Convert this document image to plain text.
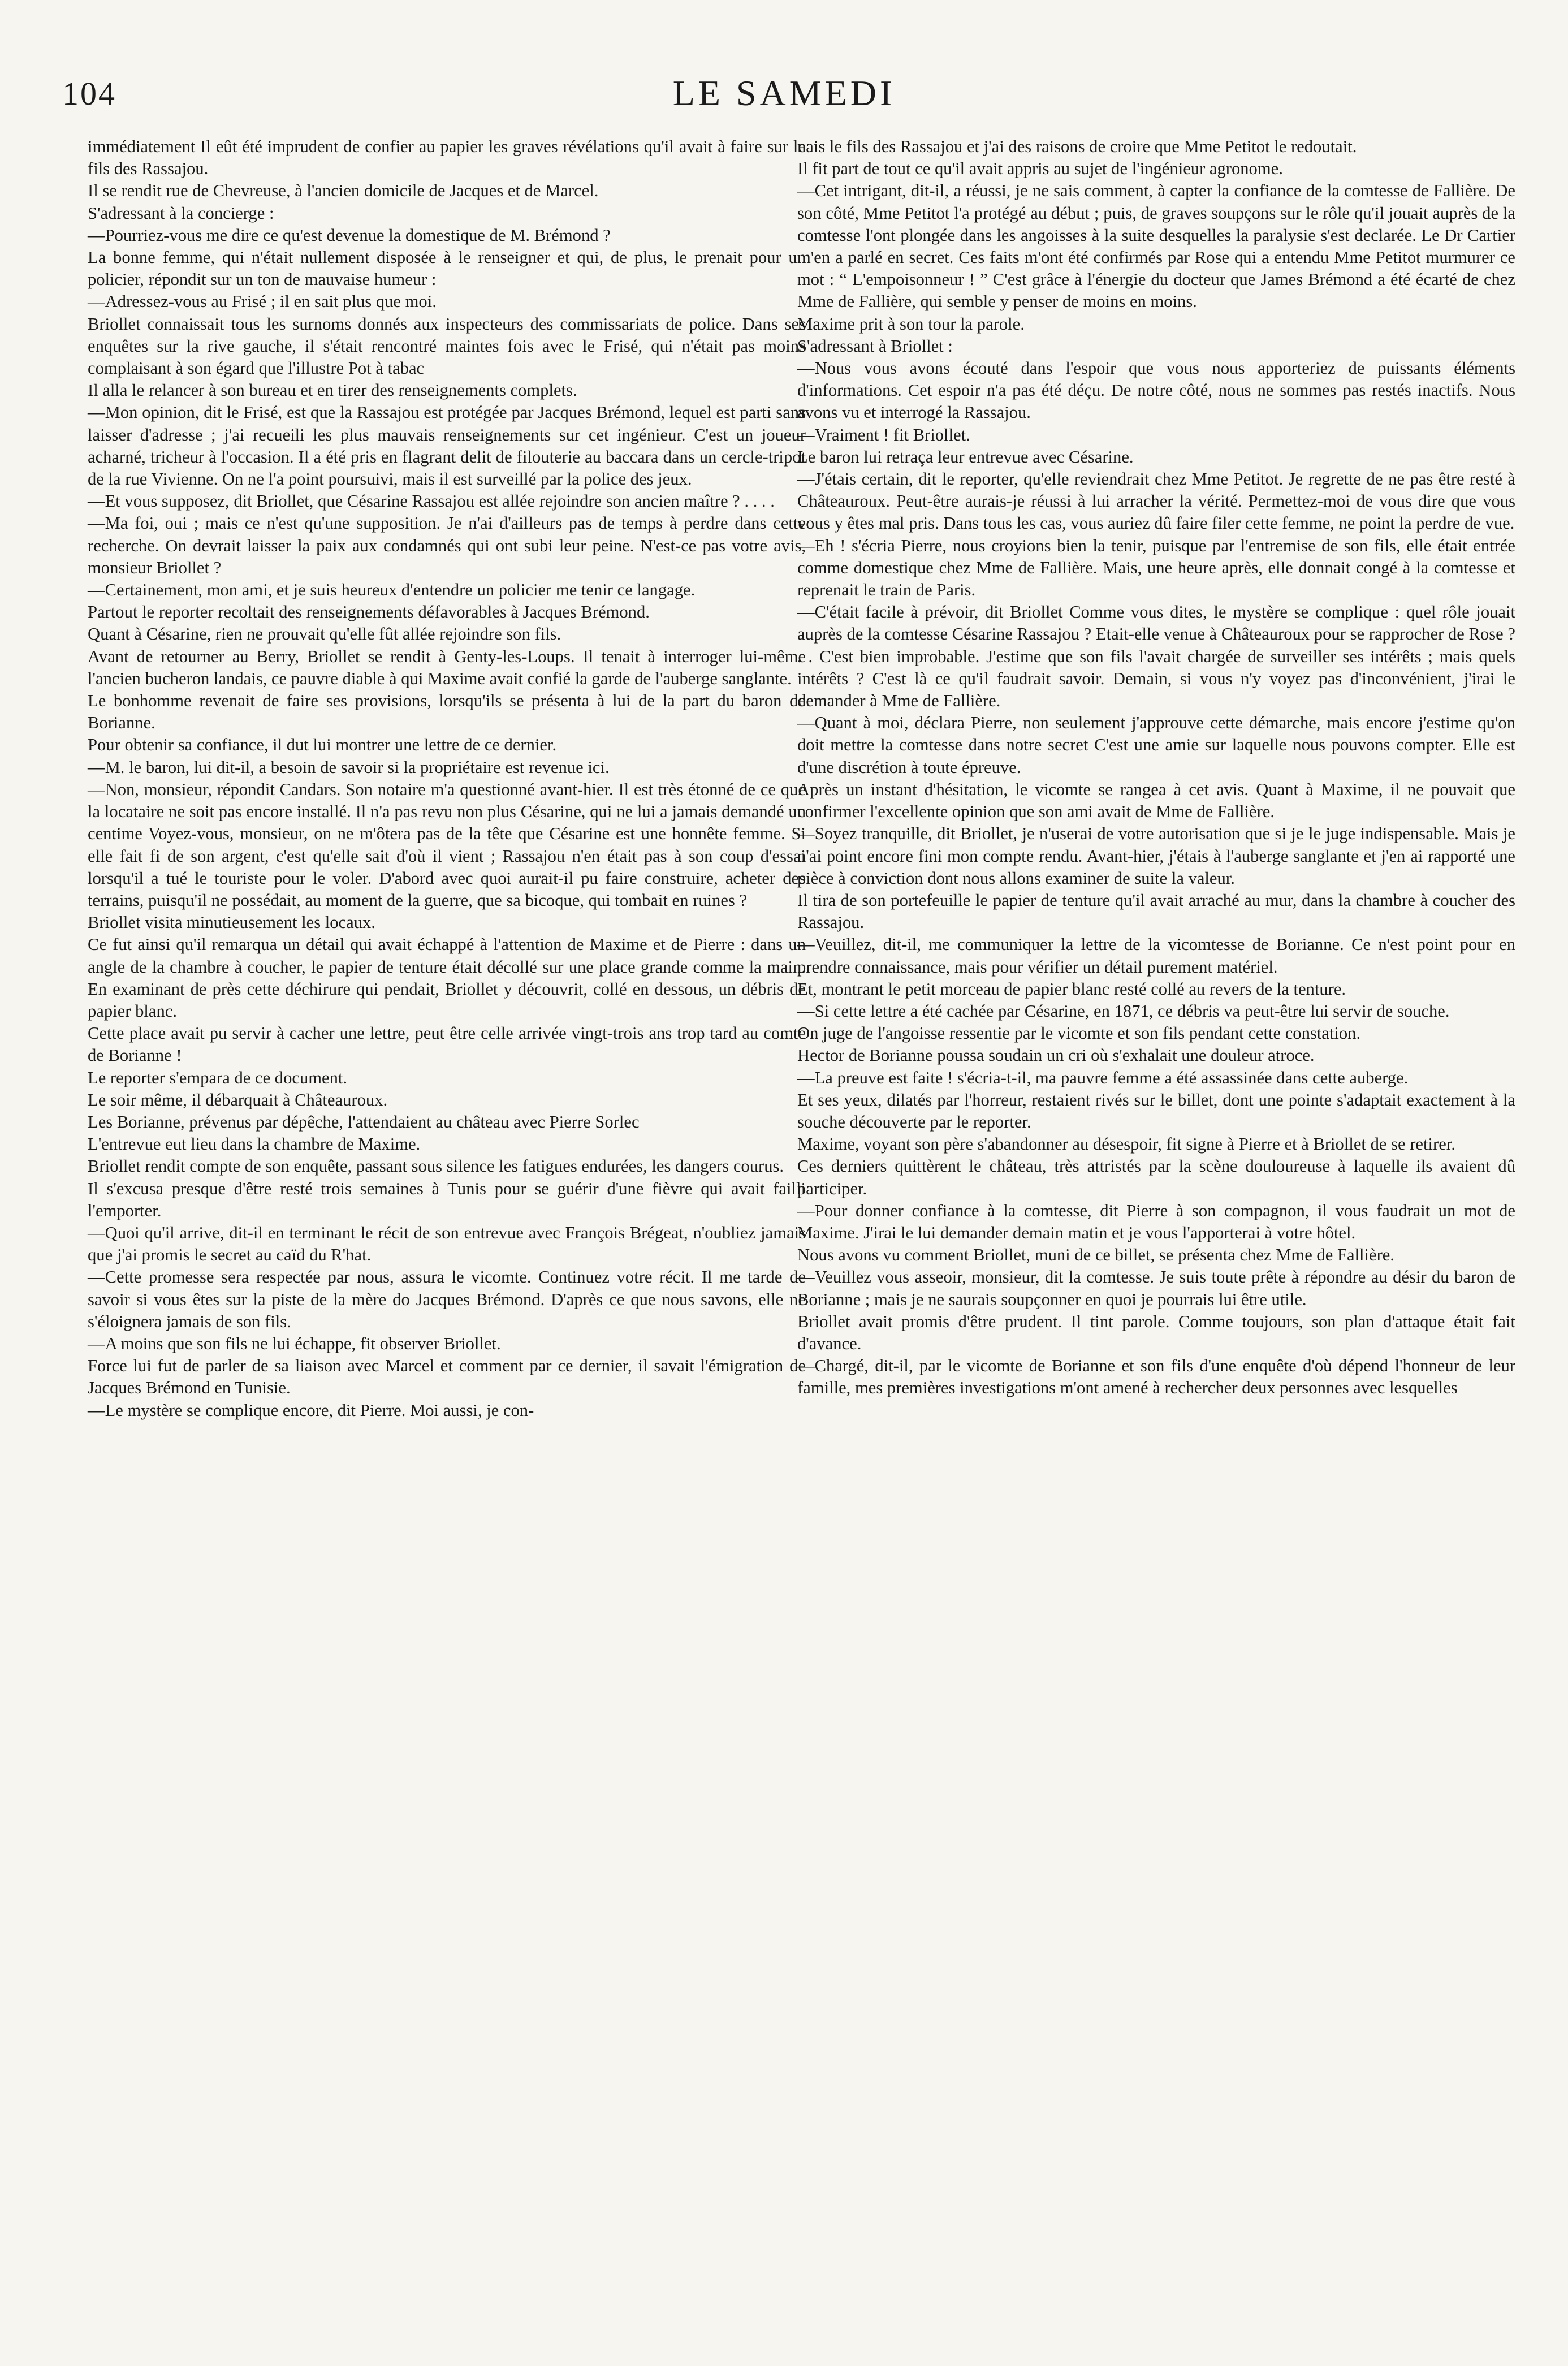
104	LE SAMEDI

immédiatement Il eût été imprudent de confier au papier les graves révélations qu'il avait à faire sur le fils des Rassajou.

Il se rendit rue de Chevreuse, à l'ancien domicile de Jacques et de Marcel.

S'adressant à la concierge :

—Pourriez-vous me dire ce qu'est devenue la domestique de M. Brémond ?

La bonne femme, qui n'était nullement disposée à le renseigner et qui, de plus, le prenait pour un policier, répondit sur un ton de mauvaise humeur :

—Adressez-vous au Frisé ; il en sait plus que moi.

Briollet connaissait tous les surnoms donnés aux inspecteurs des commissariats de police. Dans ses enquêtes sur la rive gauche, il s'était rencontré maintes fois avec le Frisé, qui n'était pas moins complaisant à son égard que l'illustre Pot à tabac

Il alla le relancer à son bureau et en tirer des renseignements complets.

—Mon opinion, dit le Frisé, est que la Rassajou est protégée par Jacques Brémond, lequel est parti sans laisser d'adresse ; j'ai recueili les plus mauvais renseignements sur cet ingénieur. C'est un joueur acharné, tricheur à l'occasion. Il a été pris en flagrant delit de filouterie au baccara dans un cercle-tripot de la rue Vivienne. On ne l'a point poursuivi, mais il est surveillé par la police des jeux.

—Et vous supposez, dit Briollet, que Césarine Rassajou est allée rejoindre son ancien maître ? . . . .

—Ma foi, oui ; mais ce n'est qu'une supposition. Je n'ai d'ailleurs pas de temps à perdre dans cette recherche. On devrait laisser la paix aux condamnés qui ont subi leur peine. N'est-ce pas votre avis, monsieur Briollet ?

—Certainement, mon ami, et je suis heureux d'entendre un policier me tenir ce langage.

Partout le reporter recoltait des renseignements défavorables à Jacques Brémond.

Quant à Césarine, rien ne prouvait qu'elle fût allée rejoindre son fils.

Avant de retourner au Berry, Briollet se rendit à Genty-les-Loups. Il tenait à interroger lui-même l'ancien bucheron landais, ce pauvre diable à qui Maxime avait confié la garde de l'auberge sanglante.

Le bonhomme revenait de faire ses provisions, lorsqu'ils se présenta à lui de la part du baron de Borianne.

Pour obtenir sa confiance, il dut lui montrer une lettre de ce dernier.

—M. le baron, lui dit-il, a besoin de savoir si la propriétaire est revenue ici.

—Non, monsieur, répondit Candars. Son notaire m'a questionné avant-hier. Il est très étonné de ce que la locataire ne soit pas encore installé. Il n'a pas revu non plus Césarine, qui ne lui a jamais demandé un centime Voyez-vous, monsieur, on ne m'ôtera pas de la tête que Césarine est une honnête femme. Si elle fait fi de son argent, c'est qu'elle sait d'où il vient ; Rassajou n'en était pas à son coup d'essai lorsqu'il a tué le touriste pour le voler. D'abord avec quoi aurait-il pu faire construire, acheter des terrains, puisqu'il ne possédait, au moment de la guerre, que sa bicoque, qui tombait en ruines ?

Briollet visita minutieusement les locaux.

Ce fut ainsi qu'il remarqua un détail qui avait échappé à l'attention de Maxime et de Pierre : dans un angle de la chambre à coucher, le papier de tenture était décollé sur une place grande comme la main. En examinant de près cette déchirure qui pendait, Briollet y découvrit, collé en dessous, un débris de papier blanc.

Cette place avait pu servir à cacher une lettre, peut être celle arrivée vingt-trois ans trop tard au comte de Borianne !

Le reporter s'empara de ce document.

Le soir même, il débarquait à Châteauroux.

Les Borianne, prévenus par dépêche, l'attendaient au château avec Pierre Sorlec

L'entrevue eut lieu dans la chambre de Maxime.

Briollet rendit compte de son enquête, passant sous silence les fatigues endurées, les dangers courus.

Il s'excusa presque d'être resté trois semaines à Tunis pour se guérir d'une fièvre qui avait failli l'emporter.

—Quoi qu'il arrive, dit-il en terminant le récit de son entrevue avec François Brégeat, n'oubliez jamais que j'ai promis le secret au caïd du R'hat.

—Cette promesse sera respectée par nous, assura le vicomte. Continuez votre récit. Il me tarde de savoir si vous êtes sur la piste de la mère do Jacques Brémond. D'après ce que nous savons, elle ne s'éloignera jamais de son fils.

—A moins que son fils ne lui échappe, fit observer Briollet.

Force lui fut de parler de sa liaison avec Marcel et comment par ce dernier, il savait l'émigration de Jacques Brémond en Tunisie.

—Le mystère se complique encore, dit Pierre. Moi aussi, je con-

nais le fils des Rassajou et j'ai des raisons de croire que Mme Petitot le redoutait.

Il fit part de tout ce qu'il avait appris au sujet de l'ingénieur agronome.

—Cet intrigant, dit-il, a réussi, je ne sais comment, à capter la confiance de la comtesse de Fallière. De son côté, Mme Petitot l'a protégé au début ; puis, de graves soupçons sur le rôle qu'il jouait auprès de la comtesse l'ont plongée dans les angoisses à la suite desquelles la paralysie s'est declarée. Le Dr Cartier m'en a parlé en secret. Ces faits m'ont été confirmés par Rose qui a entendu Mme Petitot murmurer ce mot : “ L'empoisonneur ! ” C'est grâce à l'énergie du docteur que James Brémond a été écarté de chez Mme de Fallière, qui semble y penser de moins en moins.

Maxime prit à son tour la parole.

S'adressant à Briollet :

—Nous vous avons écouté dans l'espoir que vous nous apporteriez de puissants éléments d'informations. Cet espoir n'a pas été déçu. De notre côté, nous ne sommes pas restés inactifs. Nous avons vu et interrogé la Rassajou.

—Vraiment ! fit Briollet.

Le baron lui retraça leur entrevue avec Césarine.

—J'étais certain, dit le reporter, qu'elle reviendrait chez Mme Petitot. Je regrette de ne pas être resté à Châteauroux. Peut-être aurais-je réussi à lui arracher la vérité. Permettez-moi de vous dire que vous vous y êtes mal pris. Dans tous les cas, vous auriez dû faire filer cette femme, ne point la perdre de vue.

—Eh ! s'écria Pierre, nous croyions bien la tenir, puisque par l'entremise de son fils, elle était entrée comme domestique chez Mme de Fallière. Mais, une heure après, elle donnait congé à la comtesse et reprenait le train de Paris.

—C'était facile à prévoir, dit Briollet Comme vous dites, le mystère se complique : quel rôle jouait auprès de la comtesse Césarine Rassajou ? Etait-elle venue à Châteauroux pour se rapprocher de Rose ? . . C'est bien improbable. J'estime que son fils l'avait chargée de surveiller ses intérêts ; mais quels intérêts ? C'est là ce qu'il faudrait savoir. Demain, si vous n'y voyez pas d'inconvénient, j'irai le demander à Mme de Fallière.

—Quant à moi, déclara Pierre, non seulement j'approuve cette démarche, mais encore j'estime qu'on doit mettre la comtesse dans notre secret C'est une amie sur laquelle nous pouvons compter. Elle est d'une discrétion à toute épreuve.

Après un instant d'hésitation, le vicomte se rangea à cet avis. Quant à Maxime, il ne pouvait que confirmer l'excellente opinion que son ami avait de Mme de Fallière.

—Soyez tranquille, dit Briollet, je n'userai de votre autorisation que si je le juge indispensable. Mais je n'ai point encore fini mon compte rendu. Avant-hier, j'étais à l'auberge sanglante et j'en ai rapporté une pièce à conviction dont nous allons examiner de suite la valeur.

Il tira de son portefeuille le papier de tenture qu'il avait arraché au mur, dans la chambre à coucher des Rassajou.

—Veuillez, dit-il, me communiquer la lettre de la vicomtesse de Borianne. Ce n'est point pour en prendre connaissance, mais pour vérifier un détail purement matériel.

Et, montrant le petit morceau de papier blanc resté collé au revers de la tenture.

—Si cette lettre a été cachée par Césarine, en 1871, ce débris va peut-être lui servir de souche.

On juge de l'angoisse ressentie par le vicomte et son fils pendant cette constation.

Hector de Borianne poussa soudain un cri où s'exhalait une douleur atroce.

—La preuve est faite ! s'écria-t-il, ma pauvre femme a été assassinée dans cette auberge.

Et ses yeux, dilatés par l'horreur, restaient rivés sur le billet, dont une pointe s'adaptait exactement à la souche découverte par le reporter.

Maxime, voyant son père s'abandonner au désespoir, fit signe à Pierre et à Briollet de se retirer.

Ces derniers quittèrent le château, très attristés par la scène douloureuse à laquelle ils avaient dû participer.

—Pour donner confiance à la comtesse, dit Pierre à son compagnon, il vous faudrait un mot de Maxime. J'irai le lui demander demain matin et je vous l'apporterai à votre hôtel.

Nous avons vu comment Briollet, muni de ce billet, se présenta chez Mme de Fallière.

—Veuillez vous asseoir, monsieur, dit la comtesse. Je suis toute prête à répondre au désir du baron de Borianne ; mais je ne saurais soupçonner en quoi je pourrais lui être utile.

Briollet avait promis d'être prudent. Il tint parole. Comme toujours, son plan d'attaque était fait d'avance.

—Chargé, dit-il, par le vicomte de Borianne et son fils d'une enquête d'où dépend l'honneur de leur famille, mes premières investigations m'ont amené à rechercher deux personnes avec lesquelles
